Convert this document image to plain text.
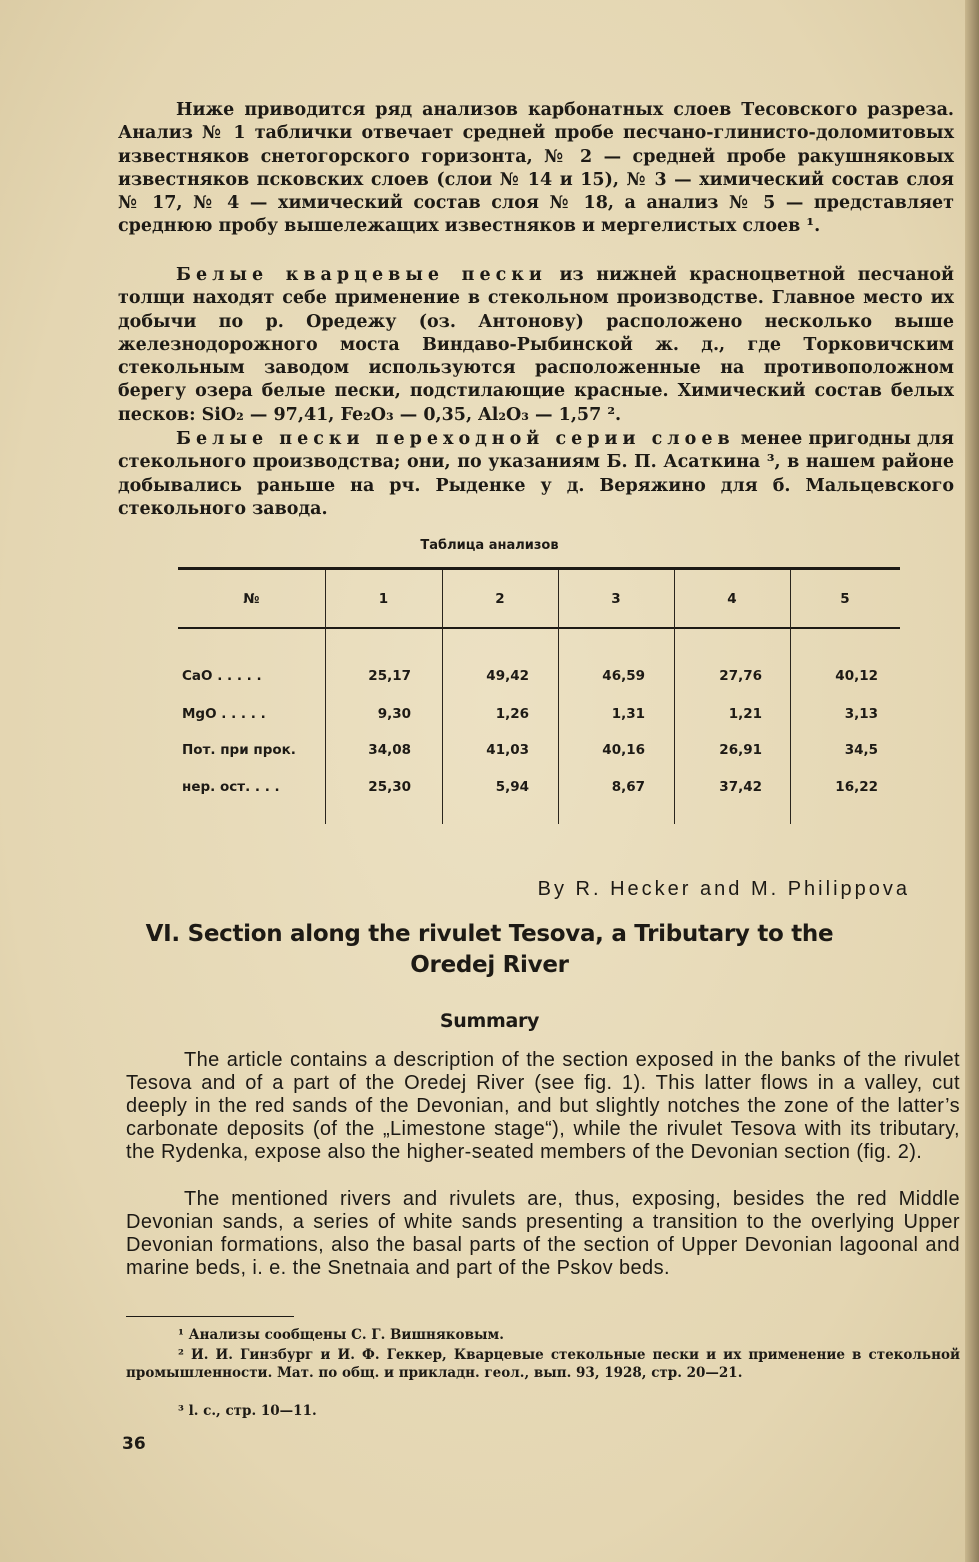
Ниже приводится ряд анализов карбонатных слоев Тесовского разреза. Анализ № 1 таблички отвечает средней пробе песчано-глинисто-доломитовых известняков снетогорского горизонта, № 2 — средней пробе ракушняковых известняков псковских слоев (слои № 14 и 15), № 3 — химический состав слоя № 17, № 4 — химический состав слоя № 18, а анализ № 5 — представляет среднюю пробу вышележащих известняков и мергелистых слоев ¹.

Белые кварцевые пески из нижней красноцветной песчаной толщи находят себе применение в стекольном производстве. Главное место их добычи по р. Оредежу (оз. Антонову) расположено несколько выше железнодорожного моста Виндаво-Рыбинской ж. д., где Торковичским стекольным заводом используются расположенные на противоположном берегу озера белые пески, подстилающие красные. Химический состав белых песков: SiO₂ — 97,41, Fe₂O₃ — 0,35, Al₂O₃ — 1,57 ².

Белые пески переходной серии слоев менее пригодны для стекольного производства; они, по указаниям Б. П. Асаткина ³, в нашем районе добывались раньше на рч. Рыденке у д. Веряжино для б. Мальцевского стекольного завода.

Таблица анализов
№	1	2	3	4	5
CaO . . . . .	25,17	49,42	46,59	27,76	40,12
MgO . . . . .	9,30	1,26	1,31	1,21	3,13
Пот. при прок.	34,08	41,03	40,16	26,91	34,5
нер. ост. . . .	25,30	5,94	8,67	37,42	16,22
By R. Hecker and M. Philippova
VI. Section along the rivulet Tesova, a Tributary to the
Oredej River
Summary

The article contains a description of the section exposed in the banks of the rivulet Tesova and of a part of the Oredej River (see fig. 1). This latter flows in a valley, cut deeply in the red sands of the Devonian, and but slightly notches the zone of the latter’s carbonate deposits (of the „Limestone stage“), while the rivulet Tesova with its tributary, the Rydenka, expose also the higher-seated members of the Devonian section (fig. 2).

The mentioned rivers and rivulets are, thus, exposing, besides the red Middle Devonian sands, a series of white sands presenting a transition to the overlying Upper Devonian formations, also the basal parts of the section of Upper Devonian lagoonal and marine beds, i. e. the Snetnaia and part of the Pskov beds.

¹ Анализы сообщены С. Г. Вишняковым.

² И. И. Гинзбург и И. Ф. Геккер, Кварцевые стекольные пески и их применение в стекольной промышленности. Мат. по общ. и прикладн. геол., вып. 93, 1928, стр. 20—21.

³ l. c., стр. 10—11.

36
